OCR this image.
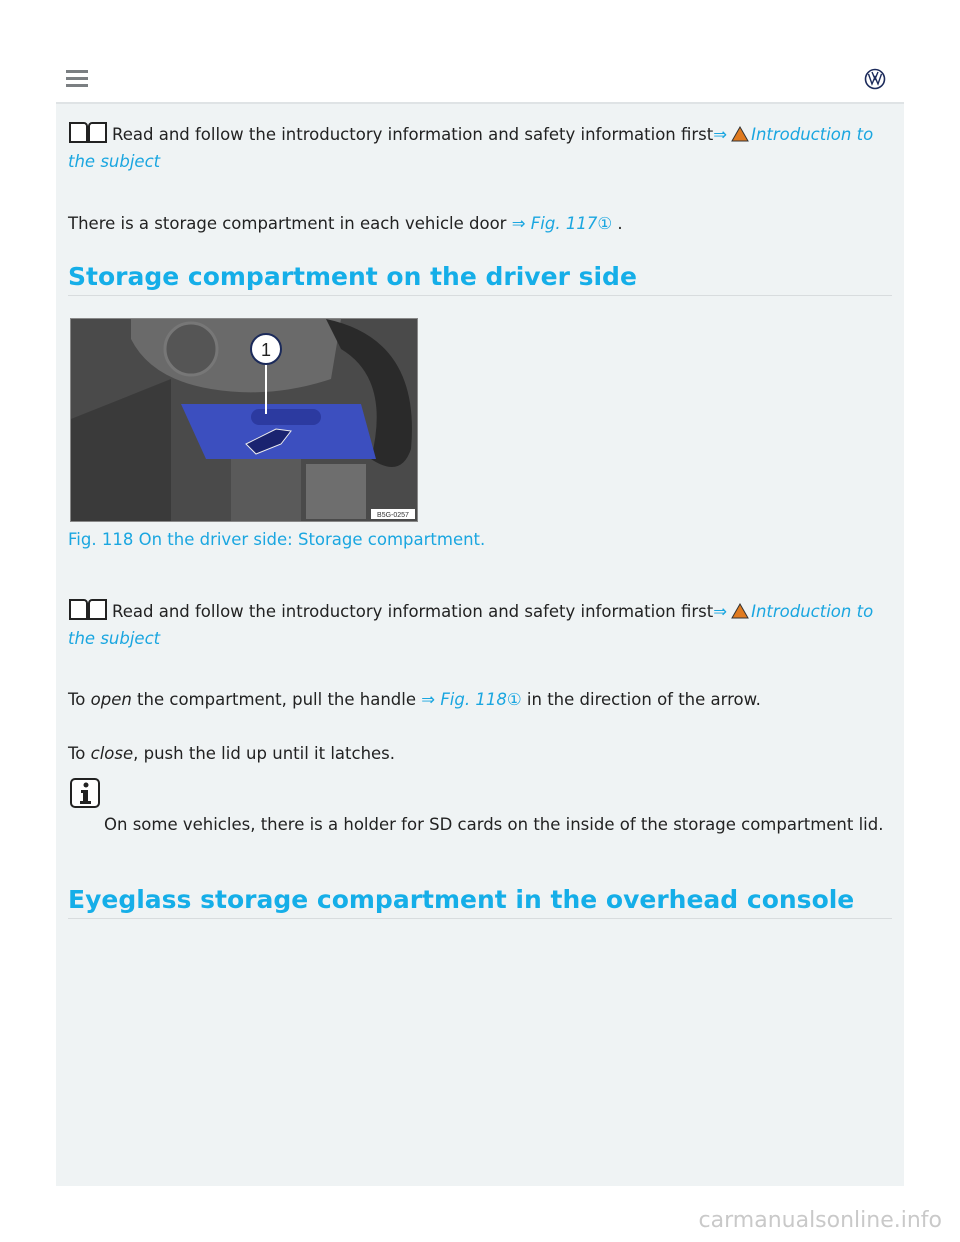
Read and follow the introductory information and safety information first⇒ Introduction to the subject
There is a storage compartment in each vehicle door ⇒ Fig. 117① .
Storage compartment on the driver side
1
B5G-0257
Fig. 118 On the driver side: Storage compartment.
Read and follow the introductory information and safety information first⇒ Introduction to the subject
To open the compartment, pull the handle ⇒ Fig. 118① in the direction of the arrow.
To close, push the lid up until it latches.
On some vehicles, there is a holder for SD cards on the inside of the storage compartment lid.
Eyeglass storage compartment in the overhead console
carmanualsonline.info
